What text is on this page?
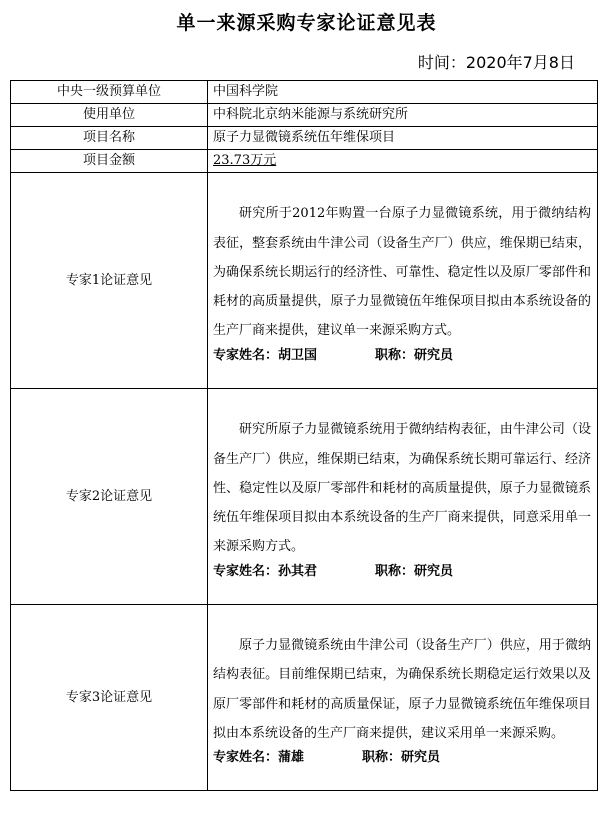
单一来源采购专家论证意见表
时间：2020年7月8日
中央一级预算单位	中国科学院
使用单位	中科院北京纳米能源与系统研究所
项目名称	原子力显微镜系统伍年维保项目
项目金额	23.73万元
专家1论证意见	研究所于2012年购置一台原子力显微镜系统，用于微纳结构表征，整套系统由牛津公司（设备生产厂）供应，维保期已结束，为确保系统长期运行的经济性、可靠性、稳定性以及原厂零部件和耗材的高质量提供，原子力显微镜伍年维保项目拟由本系统设备的生产厂商来提供，建议单一来源采购方式。
专家姓名：胡卫国 职称：研究员

专家2论证意见	研究所原子力显微镜系统用于微纳结构表征，由牛津公司（设备生产厂）供应，维保期已结束，为确保系统长期可靠运行、经济性、稳定性以及原厂零部件和耗材的高质量提供，原子力显微镜系统伍年维保项目拟由本系统设备的生产厂商来提供，同意采用单一来源采购方式。
专家姓名：孙其君 职称：研究员

专家3论证意见	原子力显微镜系统由牛津公司（设备生产厂）供应，用于微纳结构表征。目前维保期已结束，为确保系统长期稳定运行效果以及原厂零部件和耗材的高质量保证，原子力显微镜系统伍年维保项目拟由本系统设备的生产厂商来提供，建议采用单一来源采购。
专家姓名：蒲雄 职称：研究员
